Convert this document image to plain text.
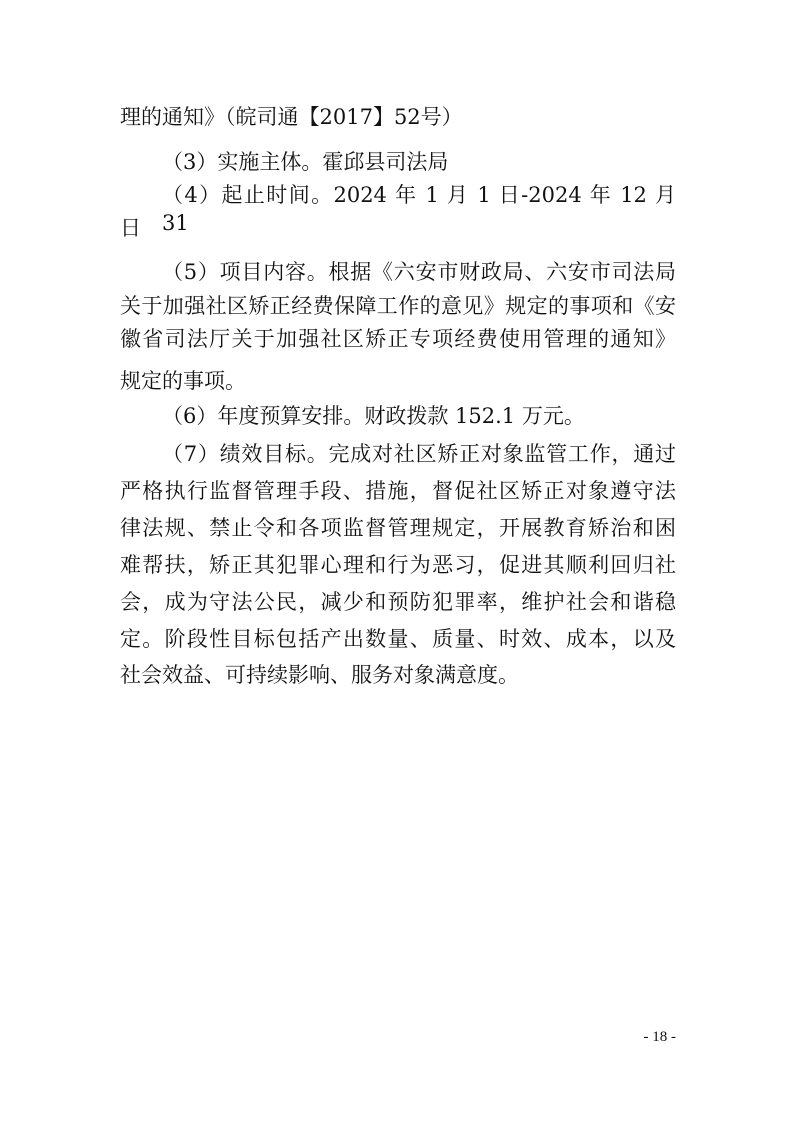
理的通知》（皖司通【2017】52号）
（3）实施主体。霍邱县司法局
（4）起止时间。2024 年 1 月 1 日-2024 年 12 月 31
日
（5）项目内容。根据《六安市财政局、六安市司法局
关于加强社区矫正经费保障工作的意见》规定的事项和《安
徽省司法厅关于加强社区矫正专项经费使用管理的通知》
规定的事项。
（6）年度预算安排。财政拨款 152.1 万元。
（7）绩效目标。完成对社区矫正对象监管工作，通过
严格执行监督管理手段、措施，督促社区矫正对象遵守法
律法规、禁止令和各项监督管理规定，开展教育矫治和困
难帮扶，矫正其犯罪心理和行为恶习，促进其顺利回归社
会，成为守法公民，减少和预防犯罪率，维护社会和谐稳
定。阶段性目标包括产出数量、质量、时效、成本，以及
社会效益、可持续影响、服务对象满意度。
- 18 -
